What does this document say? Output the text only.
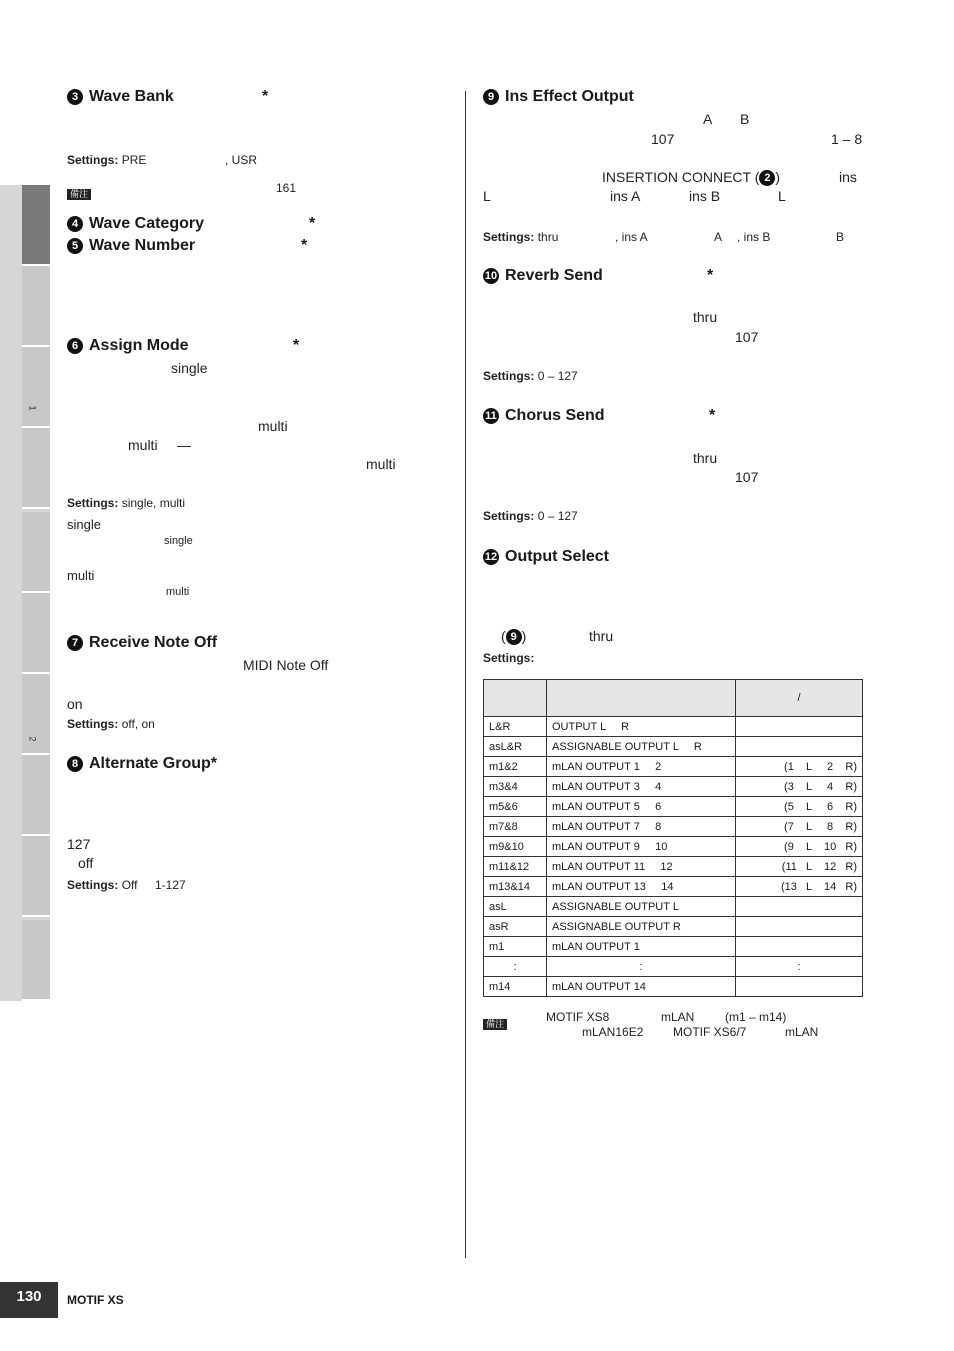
1
2
3 Wave Bank	*
Settings: PRE	, USR
備注	161
4 Wave Category	*
5 Wave Number	*
6 Assign Mode	*
single
multi
multi —
multi
Settings: single, multi
single
single
multi
multi
7 Receive Note Off
MIDI Note Off
on
Settings: off, on
8 Alternate Group*
127
off
Settings: Off 1-127
9 Ins Effect Output
A B
107	1 – 8
INSERTION CONNECT ( 2 )	ins
L	ins A	ins B	L
Settings: thru	, ins A	A , ins B	B
10 Reverb Send	*
thru
107
Settings: 0 – 127
11 Chorus Send	*
thru
107
Settings: 0 – 127
12 Output Select
( 9 )	thru
Settings:
		/
L&R	OUTPUT L     R	
asL&R	ASSIGNABLE OUTPUT L     R	
m1&2	mLAN OUTPUT 1     2	(1    L     2    R)
m3&4	mLAN OUTPUT 3     4	(3    L     4    R)
m5&6	mLAN OUTPUT 5     6	(5    L     6    R)
m7&8	mLAN OUTPUT 7     8	(7    L     8    R)
m9&10	mLAN OUTPUT 9     10	(9    L    10   R)
m11&12	mLAN OUTPUT 11     12	(11   L    12   R)
m13&14	mLAN OUTPUT 13     14	(13   L    14   R)
asL	ASSIGNABLE OUTPUT L	
asR	ASSIGNABLE OUTPUT R	
m1	mLAN OUTPUT 1	
:	:	:
m14	mLAN OUTPUT 14	
備注	MOTIF XS8	mLAN	(m1 – m14)
mLAN16E2 MOTIF XS6/7	mLAN
130	MOTIF XS
